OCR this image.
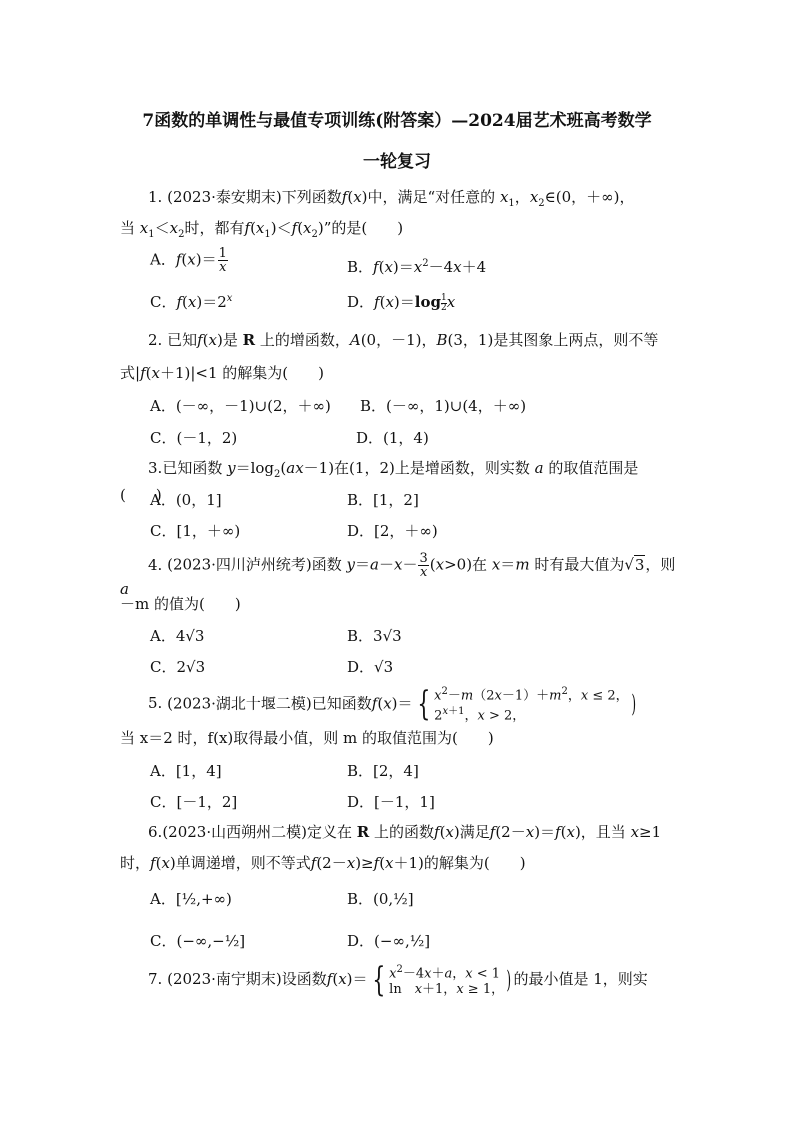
7函数的单调性与最值专项训练(附答案）—2024届艺术班高考数学
一轮复习
1. (2023·泰安期末)下列函数f(x)中，满足“对任意的 $x_1$，$x_2\in(0$，＋∞)，
当 $x_1<x_2$时，都有$f(x_1)<f(x_2)$”的是(　　)
A．$f(x)= \frac{1}{x}$	B．$f(x)=x^2-4x+4$
C．$f(x)=2^x$	D．$f(x)=\log \frac{1}{2}x$
2. 已知f(x)是 R 上的增函数，A(0，－1)，B(3，1)是其图象上两点，则不等
式|f(x＋1)|<1 的解集为(　　)
A．(－∞，－1)∪(2，＋∞) B．(－∞，1)∪(4，＋∞)
C．(－1，2)	D．(1，4)
3.已知函数 $y=\log_2(ax-1)$在(1，2)上是增函数，则实数 a 的取值范围是(　　)
A．(0，1]	B．[1，2]
C．[1，＋∞)	D．[2，＋∞)
4. (2023·四川泸州统考)函数 $y=a-x- \frac{3}{x} (x>0)$在 x＝m 时有最大值为√3，则 a
－m 的值为(　　)
A．4√3	B．3√3
C．2√3	D．√3
5. (2023·湖北十堰二模)已知函数f(x)＝ { $x^2-m(2x-1)+m^2$，x ≤ 2，
$2^{x+1}$，x > 2，	)
当 x＝2 时，f(x)取得最小值，则 m 的取值范围为(　　)
A．[1，4]	B．[2，4]
C．[－1，2]	D．[－1，1]
6.(2023·山西朔州二模)定义在 R 上的函数f(x)满足f(2－x)＝f(x)，且当 x≥1
时，f(x)单调递增，则不等式f(2－x)≥f(x＋1)的解集为(　　)
A．[½,+∞)	B．(0,½]
C．(−∞,−½]	D．(−∞,½]
7. (2023·南宁期末)设函数f(x)＝ { $x^2-4x+a$，x < 1
ln　x＋1，x ≥ 1， ) 的最小值是 1，则实
